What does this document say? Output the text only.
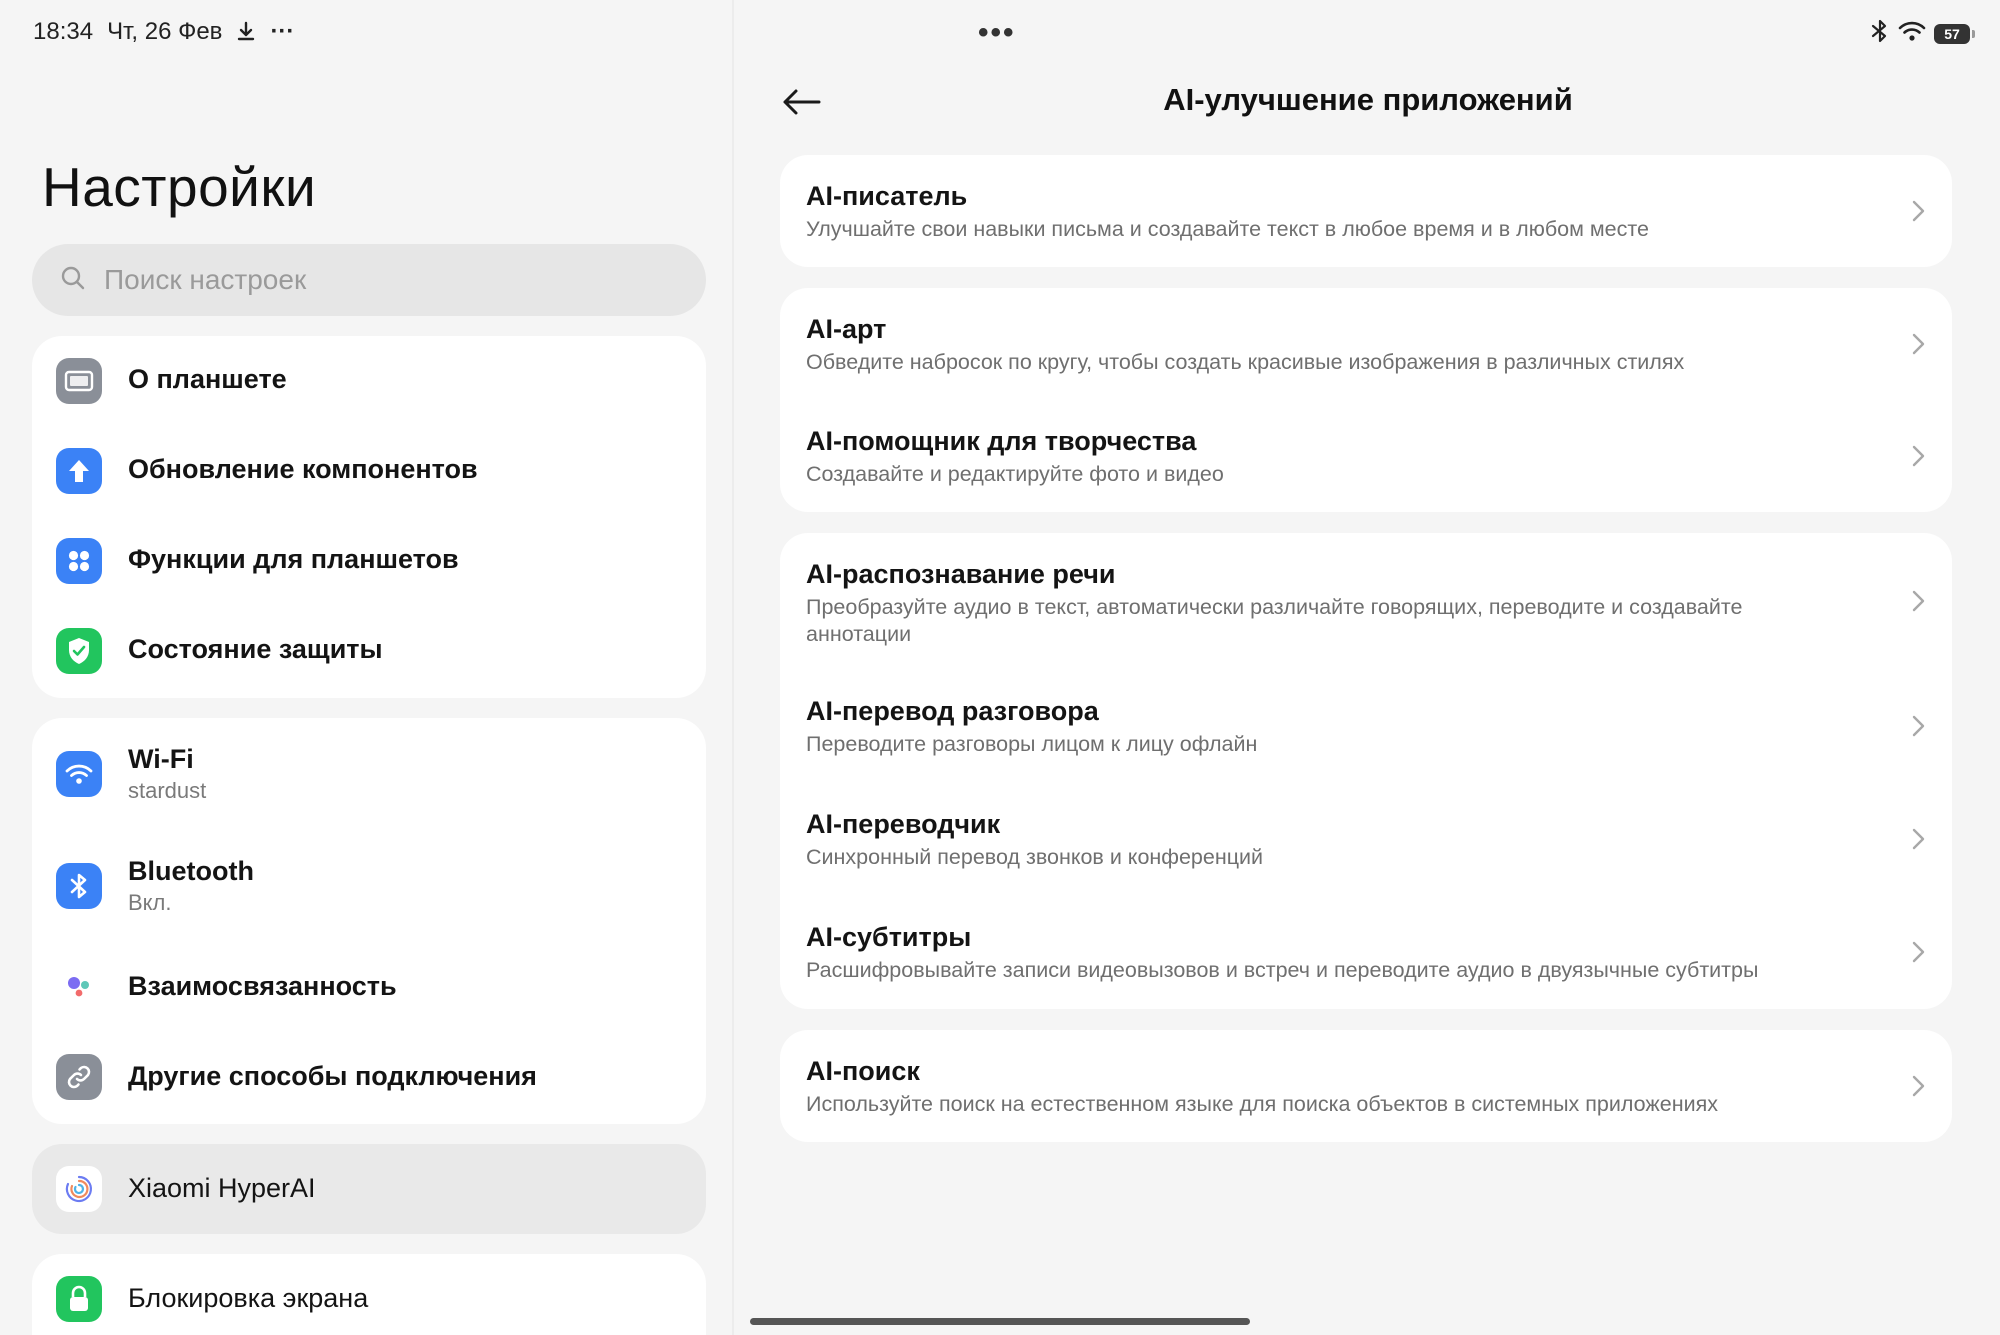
18:34 Чт, 26 Фев ···
Настройки
Поиск настроек
О планшете
Обновление компонентов
Функции для планшетов
Состояние защиты
Wi-Fi
stardust
Bluetooth
Вкл.
Взаимосвязанность
Другие способы подключения
Xiaomi HyperAI
Блокировка экрана
•••	57
AI-улучшение приложений
AI-писатель
Улучшайте свои навыки письма и создавайте текст в любое время и в любом месте
AI-арт
Обведите набросок по кругу, чтобы создать красивые изображения в различных стилях
AI-помощник для творчества
Создавайте и редактируйте фото и видео
AI-распознавание речи
Преобразуйте аудио в текст, автоматически различайте говорящих, переводите и создавайте аннотации
AI-перевод разговора
Переводите разговоры лицом к лицу офлайн
AI-переводчик
Синхронный перевод звонков и конференций
AI-субтитры
Расшифровывайте записи видеовызовов и встреч и переводите аудио в двуязычные субтитры
AI-поиск
Используйте поиск на естественном языке для поиска объектов в системных приложениях
